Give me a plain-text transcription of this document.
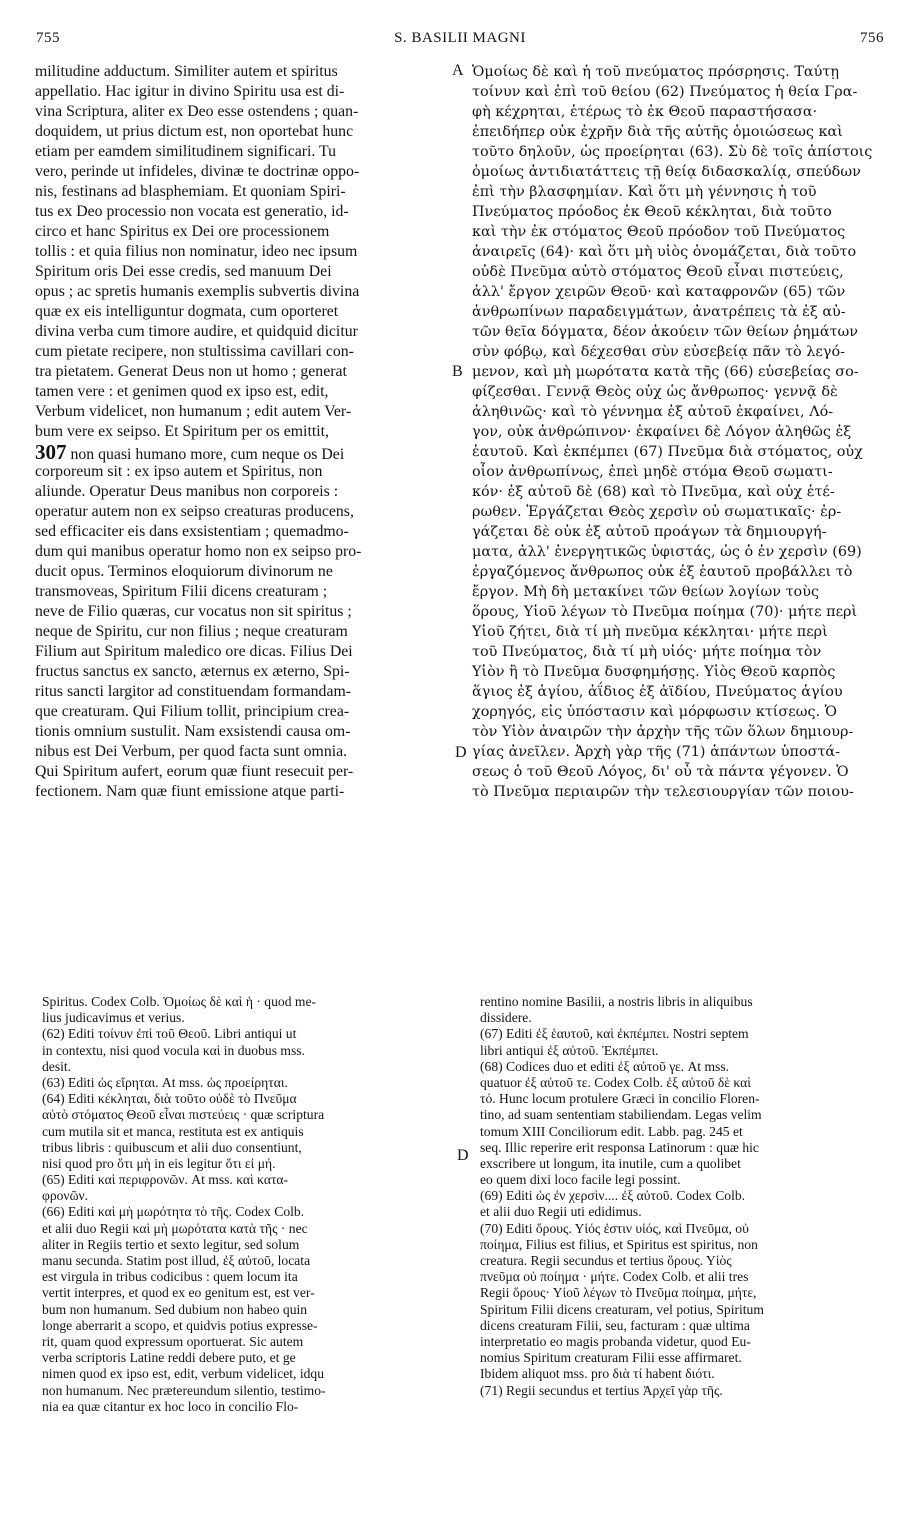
755	S. BASILII MAGNI	756
A
B
D
D
militudine adductum. Similiter autem et spiritus
appellatio. Hac igitur in divino Spiritu usa est di-
vina Scriptura, aliter ex Deo esse ostendens ; quan-
doquidem, ut prius dictum est, non oportebat hunc
etiam per eamdem similitudinem significari. Tu
vero, perinde ut infideles, divinæ te doctrinæ oppo-
nis, festinans ad blasphemiam. Et quoniam Spiri-
tus ex Deo processio non vocata est generatio, id-
circo et hanc Spiritus ex Dei ore processionem
tollis : et quia filius non nominatur, ideo nec ipsum
Spiritum oris Dei esse credis, sed manuum Dei
opus ; ac spretis humanis exemplis subvertis divina
quæ ex eis intelliguntur dogmata, cum oporteret
divina verba cum timore audire, et quidquid dicitur
cum pietate recipere, non stultissima cavillari con-
tra pietatem. Generat Deus non ut homo ; generat
tamen vere : et genimen quod ex ipso est, edit,
Verbum videlicet, non humanum ; edit autem Ver-
bum vere ex seipso. Et Spiritum per os emittit,
307 non quasi humano more, cum neque os Dei
corporeum sit : ex ipso autem et Spiritus, non
aliunde. Operatur Deus manibus non corporeis :
operatur autem non ex seipso creaturas producens,
sed efficaciter eis dans exsistentiam ; quemadmo-
dum qui manibus operatur homo non ex seipso pro-
ducit opus. Terminos eloquiorum divinorum ne
transmoveas, Spiritum Filii dicens creaturam ;
neve de Filio quæras, cur vocatus non sit spiritus ;
neque de Spiritu, cur non filius ; neque creaturam
Filium aut Spiritum maledico ore dicas. Filius Dei
fructus sanctus ex sancto, æternus ex æterno, Spi-
ritus sancti largitor ad constituendam formandam-
que creaturam. Qui Filium tollit, principium crea-
tionis omnium sustulit. Nam exsistendi causa om-
nibus est Dei Verbum, per quod facta sunt omnia.
Qui Spiritum aufert, eorum quæ fiunt resecuit per-
fectionem. Nam quæ fiunt emissione atque parti-
Ὁμοίως δὲ καὶ ἡ τοῦ πνεύματος πρόσρησις. Ταύτῃ
τοίνυν καὶ ἐπὶ τοῦ θείου (62) Πνεύματος ἡ θεία Γρα-
φὴ κέχρηται, ἑτέρως τὸ ἐκ Θεοῦ παραστήσασα·
ἐπειδήπερ οὐκ ἐχρῆν διὰ τῆς αὐτῆς ὁμοιώσεως καὶ
τοῦτο δηλοῦν, ὡς προείρηται (63). Σὺ δὲ τοῖς ἀπίστοις
ὁμοίως ἀντιδιατάττεις τῇ θείᾳ διδασκαλίᾳ, σπεύδων
ἐπὶ τὴν βλασφημίαν. Καὶ ὅτι μὴ γέννησις ἡ τοῦ
Πνεύματος πρόοδος ἐκ Θεοῦ κέκληται, διὰ τοῦτο
καὶ τὴν ἐκ στόματος Θεοῦ πρόοδον τοῦ Πνεύματος
ἀναιρεῖς (64)· καὶ ὅτι μὴ υἱὸς ὀνομάζεται, διὰ τοῦτο
οὐδὲ Πνεῦμα αὐτὸ στόματος Θεοῦ εἶναι πιστεύεις,
ἀλλ' ἔργον χειρῶν Θεοῦ· καὶ καταφρονῶν (65) τῶν
ἀνθρωπίνων παραδειγμάτων, ἀνατρέπεις τὰ ἐξ αὐ-
τῶν θεῖα δόγματα, δέον ἀκούειν τῶν θείων ῥημάτων
σὺν φόβῳ, καὶ δέχεσθαι σὺν εὐσεβείᾳ πᾶν τὸ λεγό-
μενον, καὶ μὴ μωρότατα κατὰ τῆς (66) εὐσεβείας σο-
φίζεσθαι. Γεννᾷ Θεὸς οὐχ ὡς ἄνθρωπος· γεννᾷ δὲ
ἀληθινῶς· καὶ τὸ γέννημα ἐξ αὐτοῦ ἐκφαίνει, Λό-
γον, οὐκ ἀνθρώπινον· ἐκφαίνει δὲ Λόγον ἀληθῶς ἐξ
ἑαυτοῦ. Καὶ ἐκπέμπει (67) Πνεῦμα διὰ στόματος, οὐχ
οἷον ἀνθρωπίνως, ἐπεὶ μηδὲ στόμα Θεοῦ σωματι-
κόν· ἐξ αὐτοῦ δὲ (68) καὶ τὸ Πνεῦμα, καὶ οὐχ ἑτέ-
ρωθεν. Ἐργάζεται Θεὸς χερσὶν οὐ σωματικαῖς· ἐρ-
γάζεται δὲ οὐκ ἐξ αὐτοῦ προάγων τὰ δημιουργή-
ματα, ἀλλ' ἐνεργητικῶς ὑφιστάς, ὡς ὁ ἐν χερσὶν (69)
ἐργαζόμενος ἄνθρωπος οὐκ ἐξ ἑαυτοῦ προβάλλει τὸ
ἔργον. Μὴ δὴ μετακίνει τῶν θείων λογίων τοὺς
ὅρους, Υἱοῦ λέγων τὸ Πνεῦμα ποίημα (70)· μήτε περὶ
Υἱοῦ ζήτει, διὰ τί μὴ πνεῦμα κέκληται· μήτε περὶ
τοῦ Πνεύματος, διὰ τί μὴ υἱός· μήτε ποίημα τὸν
Υἱὸν ἢ τὸ Πνεῦμα δυσφημήσῃς. Υἱὸς Θεοῦ καρπὸς
ἅγιος ἐξ ἁγίου, ἀΐδιος ἐξ ἀϊδίου, Πνεύματος ἁγίου
χορηγός, εἰς ὑπόστασιν καὶ μόρφωσιν κτίσεως. Ὁ
τὸν Υἱὸν ἀναιρῶν τὴν ἀρχὴν τῆς τῶν ὅλων δημιουρ-
γίας ἀνεῖλεν. Ἀρχὴ γὰρ τῆς (71) ἁπάντων ὑποστά-
σεως ὁ τοῦ Θεοῦ Λόγος, δι' οὗ τὰ πάντα γέγονεν. Ὁ
τὸ Πνεῦμα περιαιρῶν τὴν τελεσιουργίαν τῶν ποιου-
Spiritus. Codex Colb. Ὁμοίως δὲ καὶ ἡ · quod me-
lius judicavimus et verius.
(62) Editi τοίνυν ἐπὶ τοῦ Θεοῦ. Libri antiqui ut
in contextu, nisi quod vocula καὶ in duobus mss.
desit.
(63) Editi ὡς εἴρηται. At mss. ὡς προείρηται.
(64) Editi κέκληται, διὰ τοῦτο οὐδὲ τὸ Πνεῦμα
αὐτὸ στόματος Θεοῦ εἶναι πιστεύεις · quæ scriptura
cum mutila sit et manca, restituta est ex antiquis
tribus libris : quibuscum et alii duo consentiunt,
nisi quod pro ὅτι μὴ in eis legitur ὅτι εἰ μή.
(65) Editi καὶ περιφρονῶν. At mss. καὶ κατα-
φρονῶν.
(66) Editi καὶ μὴ μωρότητα τὸ τῆς. Codex Colb.
et alii duo Regii καὶ μὴ μωρότατα κατὰ τῆς · nec
aliter in Regiis tertio et sexto legitur, sed solum
manu secunda. Statim post illud, ἐξ αὐτοῦ, locata
est virgula in tribus codicibus : quem locum ita
vertit interpres, et quod ex eo genitum est, est ver-
bum non humanum. Sed dubium non habeo quin
longe aberrarit a scopo, et quidvis potius expresse-
rit, quam quod expressum oportuerat. Sic autem
verba scriptoris Latine reddi debere puto, et ge
nimen quod ex ipso est, edit, verbum videlicet, idqu
non humanum. Nec prætereundum silentio, testimo-
nia ea quæ citantur ex hoc loco in concilio Flo-
rentino nomine Basilii, a nostris libris in aliquibus
dissidere.
(67) Editi ἐξ ἑαυτοῦ, καὶ ἐκπέμπει. Nostri septem
libri antiqui ἐξ αὐτοῦ. Ἐκπέμπει.
(68) Codices duo et editi ἐξ αὐτοῦ γε. At mss.
quatuor ἐξ αὐτοῦ τε. Codex Colb. ἐξ αὐτοῦ δὲ καὶ
τό. Hunc locum protulere Græci in concilio Floren-
tino, ad suam sententiam stabiliendam. Legas velim
tomum XIII Conciliorum edit. Labb. pag. 245 et
seq. Illic reperire erit responsa Latinorum : quæ hic
exscribere ut longum, ita inutile, cum a quolibet
eo quem dixi loco facile legi possint.
(69) Editi ὡς ἐν χερσὶν.... ἐξ αὐτοῦ. Codex Colb.
et alii duo Regii uti edidimus.
(70) Editi ὅρους. Υἱός ἐστιν υἱός, καὶ Πνεῦμα, οὐ
ποίημα, Filius est filius, et Spiritus est spiritus, non
creatura. Regii secundus et tertius ὅρους. Υἱὸς
πνεῦμα οὐ ποίημα · μήτε. Codex Colb. et alii tres
Regii ὅρους· Υἱοῦ λέγων τὸ Πνεῦμα ποίημα, μήτε,
Spiritum Filii dicens creaturam, vel potius, Spiritum
dicens creaturam Filii, seu, facturam : quæ ultima
interpretatio eo magis probanda videtur, quod Eu-
nomius Spiritum creaturam Filii esse affirmaret.
Ibidem aliquot mss. pro διὰ τί habent διότι.
(71) Regii secundus et tertius Ἀρχεῖ γὰρ τῆς.
